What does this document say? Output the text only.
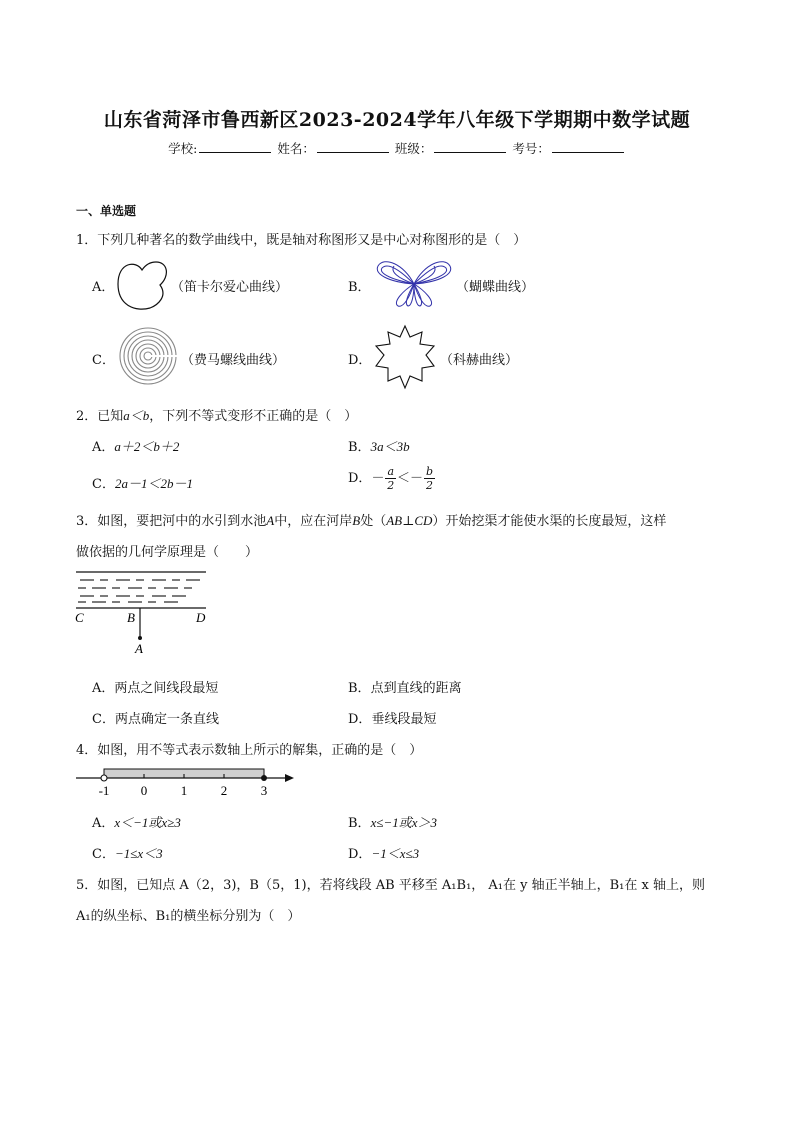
山东省菏泽市鲁西新区2023-2024学年八年级下学期期中数学试题
学校:	姓名：	班级：	考号：
一、单选题
1．下列几种著名的数学曲线中，既是轴对称图形又是中心对称图形的是（　）
A．	（笛卡尔爱心曲线）	B．	（蝴蝶曲线）
C．	（费马螺线曲线）	D．	（科赫曲线）
2．已知a＜b，下列不等式变形不正确的是（　）
A．a＋2＜b＋2	B．3a＜3b
C．2a－1＜2b－1	D．－ $\frac{a}{2} <- \frac{b}{2}$
3．如图，要把河中的水引到水池A中，应在河岸B处（AB⊥CD）开始挖渠才能使水渠的长度最短，这样
做依据的几何学原理是（　　）
C	B	D
A
A．两点之间线段最短	B．点到直线的距离
C．两点确定一条直线	D．垂线段最短
4．如图，用不等式表示数轴上所示的解集，正确的是（　）
-1 0	1	2	3
A．x＜−1或x≥3	B．x≤−1或x＞3
C．−1≤x＜3	D．−1＜x≤3
5．如图，已知点 A（2，3)，B（5，1)，若将线段 AB 平移至 A₁B₁， A₁在 y 轴正半轴上，B₁在 x 轴上，则
A₁的纵坐标、B₁的横坐标分别为（　）
